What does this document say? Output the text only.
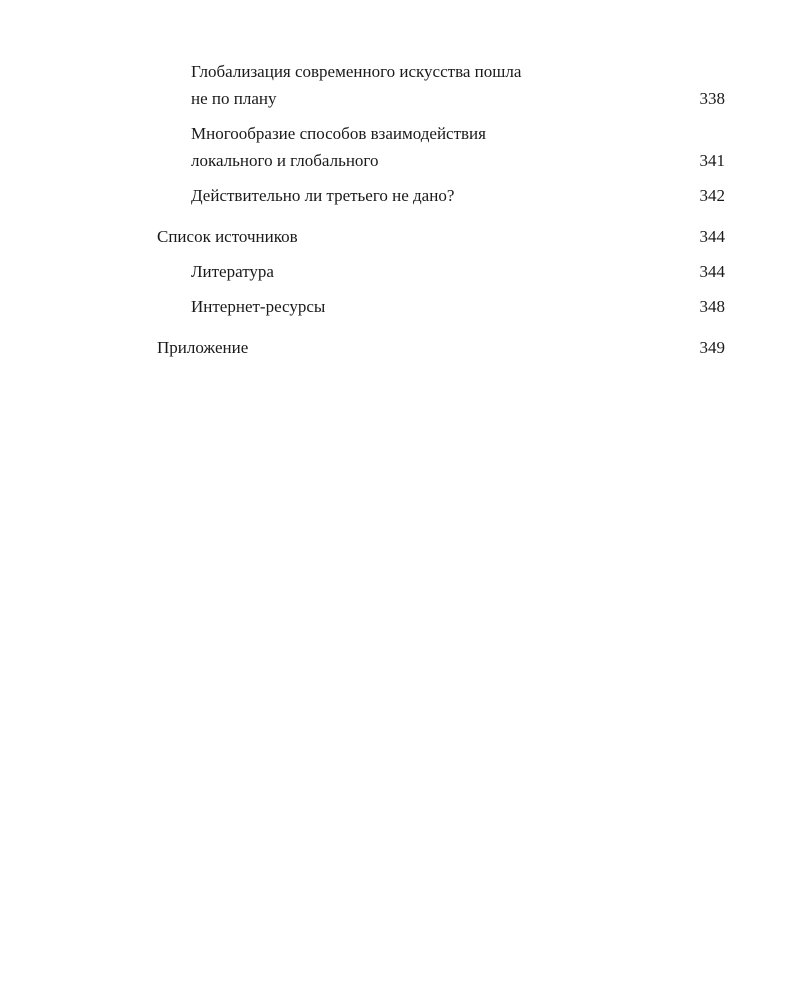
Глобализация современного искусства пошла
не по плану	338
Многообразие способов взаимодействия
локального и глобального	341
Действительно ли третьего не дано?	342
Список источников	344
Литература	344
Интернет-ресурсы	348
Приложение	349
